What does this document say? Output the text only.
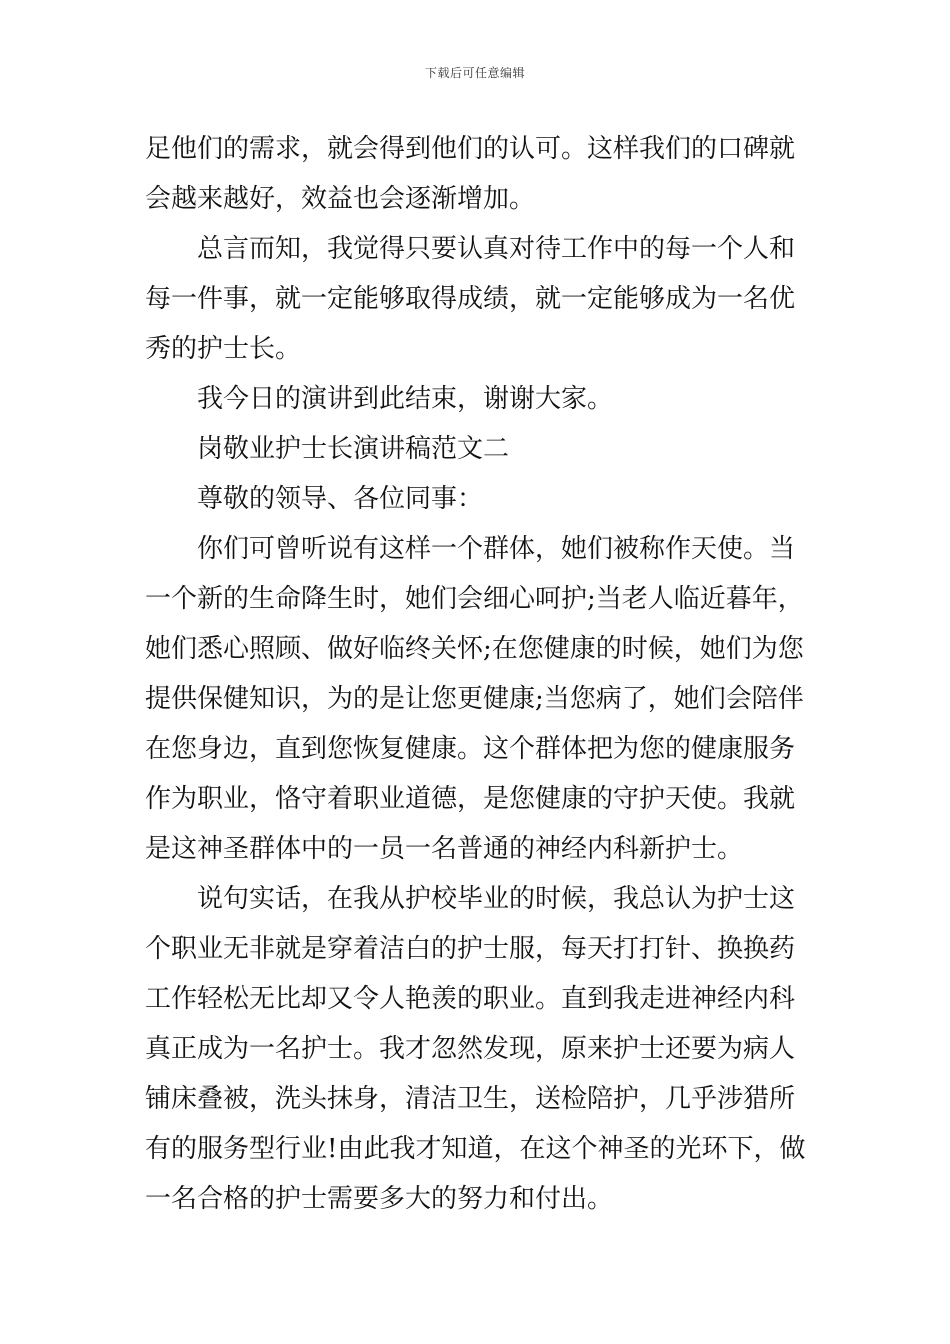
下载后可任意编辑
足他们的需求，就会得到他们的认可。这样我们的口碑就
会越来越好，效益也会逐渐增加。
总言而知，我觉得只要认真对待工作中的每一个人和
每一件事，就一定能够取得成绩，就一定能够成为一名优
秀的护士长。
我今日的演讲到此结束，谢谢大家。
岗敬业护士长演讲稿范文二
尊敬的领导、各位同事：
你们可曾听说有这样一个群体，她们被称作天使。当
一个新的生命降生时，她们会细心呵护;当老人临近暮年，
她们悉心照顾、做好临终关怀;在您健康的时候，她们为您
提供保健知识，为的是让您更健康;当您病了，她们会陪伴
在您身边，直到您恢复健康。这个群体把为您的健康服务
作为职业，恪守着职业道德，是您健康的守护天使。我就
是这神圣群体中的一员一名普通的神经内科新护士。
说句实话，在我从护校毕业的时候，我总认为护士这
个职业无非就是穿着洁白的护士服，每天打打针、换换药
工作轻松无比却又令人艳羡的职业。直到我走进神经内科
真正成为一名护士。我才忽然发现，原来护士还要为病人
铺床叠被，洗头抹身，清洁卫生，送检陪护，几乎涉猎所
有的服务型行业!由此我才知道，在这个神圣的光环下，做
一名合格的护士需要多大的努力和付出。
